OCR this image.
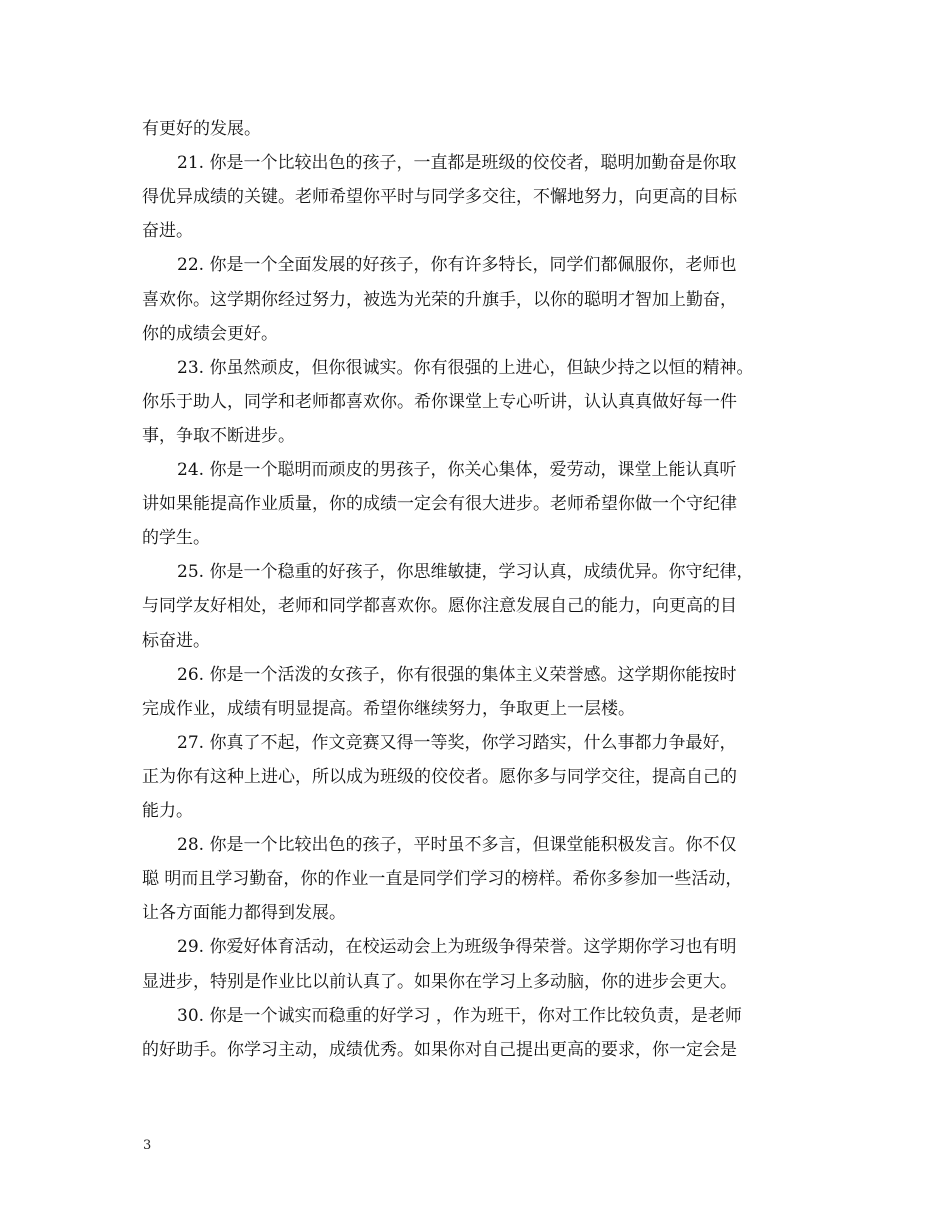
有更好的发展。
21. 你是一个比较出色的孩子，一直都是班级的佼佼者，聪明加勤奋是你取
得优异成绩的关键。老师希望你平时与同学多交往，不懈地努力，向更高的目标
奋进。
22. 你是一个全面发展的好孩子，你有许多特长，同学们都佩服你，老师也
喜欢你。这学期你经过努力，被选为光荣的升旗手，以你的聪明才智加上勤奋，
你的成绩会更好。
23. 你虽然顽皮，但你很诚实。你有很强的上进心，但缺少持之以恒的精神。
你乐于助人，同学和老师都喜欢你。希你课堂上专心听讲，认认真真做好每一件
事，争取不断进步。
24. 你是一个聪明而顽皮的男孩子，你关心集体，爱劳动，课堂上能认真听
讲如果能提高作业质量，你的成绩一定会有很大进步。老师希望你做一个守纪律
的学生。
25. 你是一个稳重的好孩子，你思维敏捷，学习认真，成绩优异。你守纪律，
与同学友好相处，老师和同学都喜欢你。愿你注意发展自己的能力，向更高的目
标奋进。
26. 你是一个活泼的女孩子，你有很强的集体主义荣誉感。这学期你能按时
完成作业，成绩有明显提高。希望你继续努力，争取更上一层楼。
27. 你真了不起，作文竞赛又得一等奖，你学习踏实，什么事都力争最好，
正为你有这种上进心，所以成为班级的佼佼者。愿你多与同学交往，提高自己的
能力。
28. 你是一个比较出色的孩子，平时虽不多言，但课堂能积极发言。你不仅
聪 明而且学习勤奋，你的作业一直是同学们学习的榜样。希你多参加一些活动，
让各方面能力都得到发展。
29. 你爱好体育活动，在校运动会上为班级争得荣誉。这学期你学习也有明
显进步，特别是作业比以前认真了。如果你在学习上多动脑，你的进步会更大。
30. 你是一个诚实而稳重的好学习 ，作为班干，你对工作比较负责，是老师
的好助手。你学习主动，成绩优秀。如果你对自己提出更高的要求，你一定会是
3
